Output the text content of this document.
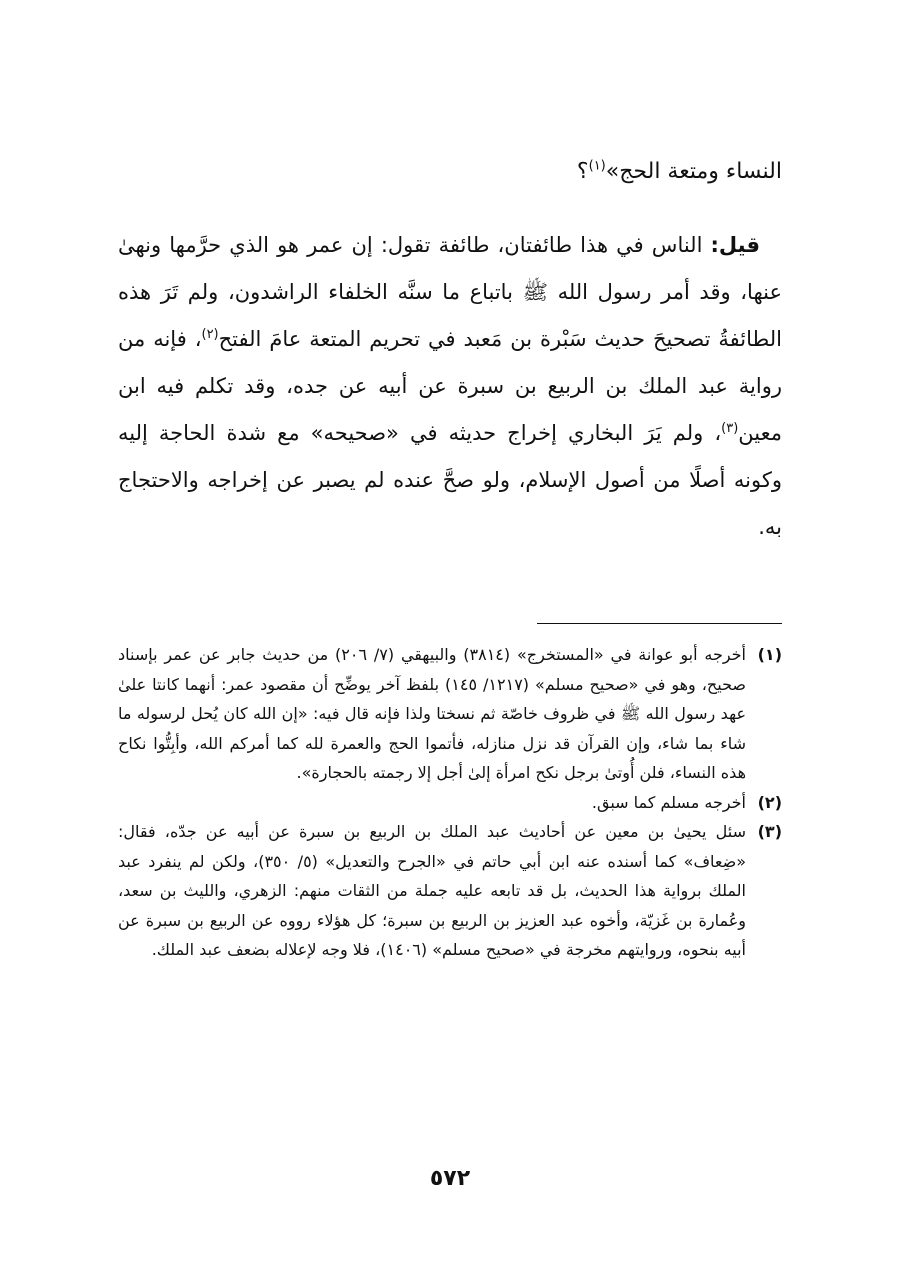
النساء ومتعة الحج»$^{(١)}$؟

قيل: الناس في هذا طائفتان، طائفة تقول: إن عمر هو الذي حرَّمها ونهىٰ عنها، وقد أمر رسول الله ﷺ باتباع ما سنَّه الخلفاء الراشدون، ولم تَرَ هذه الطائفةُ تصحيحَ حديث سَبْرة بن مَعبد في تحريم المتعة عامَ الفتح$^{(٢)}$، فإنه من رواية عبد الملك بن الربيع بن سبرة عن أبيه عن جده، وقد تكلم فيه ابن معين$^{(٣)}$، ولم يَرَ البخاري إخراج حديثه في «صحيحه» مع شدة الحاجة إليه وكونه أصلًا من أصول الإسلام، ولو صحَّ عنده لم يصبر عن إخراجه والاحتجاج به.

(١)
أخرجه أبو عوانة في «المستخرج» (٣٨١٤) والبيهقي (٧/ ٢٠٦) من حديث جابر عن عمر بإسناد صحيح، وهو في «صحيح مسلم» (١٢١٧/ ١٤٥) بلفظ آخر يوضِّح أن مقصود عمر: أنهما كانتا علىٰ عهد رسول الله ﷺ في ظروف خاصّة ثم نسختا ولذا فإنه قال فيه: «إن الله كان يُحل لرسوله ما شاء بما شاء، وإن القرآن قد نزل منازله، فأتموا الحج والعمرة لله كما أمركم الله، وأبِتُّوا نكاح هذه النساء، فلن أُوتىٰ برجل نكح امرأة إلىٰ أجل إلا رجمته بالحجارة».
(٢)
أخرجه مسلم كما سبق.
(٣)
سئل يحيىٰ بن معين عن أحاديث عبد الملك بن الربيع بن سبرة عن أبيه عن جدّه، فقال: «ضِعاف» كما أسنده عنه ابن أبي حاتم في «الجرح والتعديل» (٥/ ٣٥٠)، ولكن لم ينفرد عبد الملك برواية هذا الحديث، بل قد تابعه عليه جملة من الثقات منهم: الزهري، والليث بن سعد، وعُمارة بن غَزيّة، وأخوه عبد العزيز بن الربيع بن سبرة؛ كل هؤلاء رووه عن الربيع بن سبرة عن أبيه بنحوه، وروايتهم مخرجة في «صحيح مسلم» (١٤٠٦)، فلا وجه لإعلاله بضعف عبد الملك.
٥٧٢
